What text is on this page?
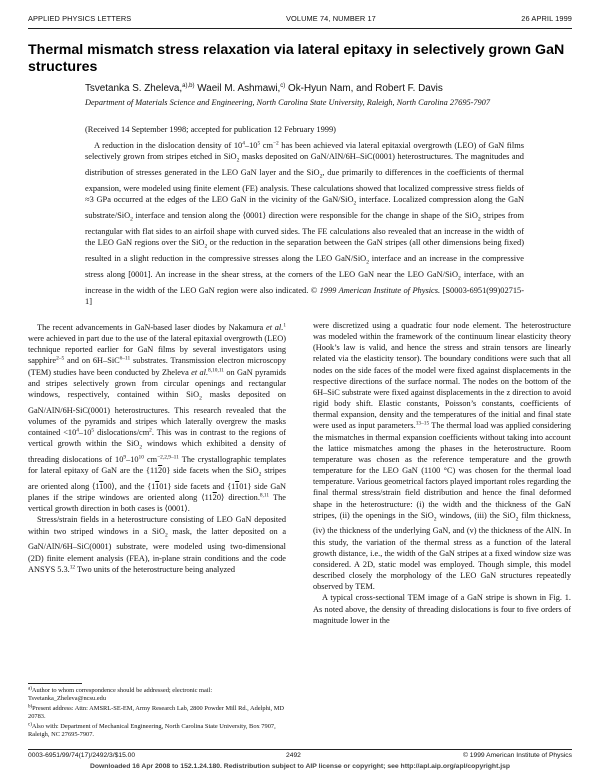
APPLIED PHYSICS LETTERS	VOLUME 74, NUMBER 17	26 APRIL 1999
Thermal mismatch stress relaxation via lateral epitaxy in selectively grown GaN structures
Tsvetanka S. Zheleva,$^{a),b)}$ Waeil M. Ashmawi,$^{c)}$ Ok-Hyun Nam, and Robert F. Davis
Department of Materials Science and Engineering, North Carolina State University, Raleigh, North Carolina 27695-7907
(Received 14 September 1998; accepted for publication 12 February 1999)
A reduction in the dislocation density of $10^4-10^5$ $cm^{-2}$ has been achieved via lateral epitaxial overgrowth (LEO) of GaN films selectively grown from stripes etched in SiO$_2$ masks deposited on GaN/AlN/6H–SiC(0001) heterostructures. The magnitudes and distribution of stresses generated in the LEO GaN layer and the SiO$_2$, due primarily to differences in the coefficients of thermal expansion, were modeled using finite element (FE) analysis. These calculations showed that localized compressive stress fields of ≈3 GPa occurred at the edges of the LEO GaN in the vicinity of the GaN/SiO$_2$ interface. Localized compression along the GaN substrate/SiO$_2$ interface and tension along the ⟨0001⟩ direction were responsible for the change in shape of the SiO$_2$ stripes from rectangular with flat sides to an airfoil shape with curved sides. The FE calculations also revealed that an increase in the width of the LEO GaN regions over the SiO$_2$ or the reduction in the separation between the GaN stripes (all other dimensions being fixed) resulted in a slight reduction in the compressive stresses along the LEO GaN/SiO$_2$ interface and an increase in the compressive stress along [0001]. An increase in the shear stress, at the corners of the LEO GaN near the LEO GaN/SiO$_2$ interface, with an increase in the width of the LEO GaN region were also indicated. © 1999 American Institute of Physics. [S0003-6951(99)02715-1]

The recent advancements in GaN-based laser diodes by Nakamura et al.$^1$ were achieved in part due to the use of the lateral epitaxial overgrowth (LEO) technique reported earlier for GaN films by several investigators using sapphire$^{2-5}$ and on 6H–SiC$^{6-11}$ substrates. Transmission electron microscopy (TEM) studies have been conducted by Zheleva et al.$^{8,10,11}$ on GaN pyramids and stripes selectively grown from circular openings and rectangular windows, respectively, contained within SiO$_2$ masks deposited on GaN/AlN/6H-SiC(0001) heterostructures. This research revealed that the volumes of the pyramids and stripes which laterally overgrew the masks contained $<10^4-10^5$ dislocations/$cm^2$. This was in contrast to the regions of vertical growth within the SiO$_2$ windows which exhibited a density of threading dislocations of $10^9-10^{10}$ $cm^{-2,2,9-11}$ The crystallographic templates for lateral epitaxy of GaN are the {1120} side facets when the SiO$_2$ stripes are oriented along ⟨1100⟩, and the {1101} side facets and {1101} side GaN planes if the stripe windows are oriented along ⟨1120⟩ direction.$^{8,11}$ The vertical growth direction in both cases is ⟨0001⟩.

Stress/strain fields in a heterostructure consisting of LEO GaN deposited within two striped windows in a SiO$_2$ mask, the latter deposited on a GaN/AlN/6H–SiC(0001) substrate, were modeled using two-dimensional (2D) finite element analysis (FEA), in-plane strain conditions and the code ANSYS 5.3.12 Two units of the heterostructure being analyzed

$^{a)}$Author to whom correspondence should be addressed; electronic mail: Tsvetanka_Zheleva@ncsu.edu

$^{b)}$Present address: Attn: AMSRL-SE-EM, Army Research Lab, 2800 Powder Mill Rd., Adelphi, MD 20783.

$^{c)}$Also with: Department of Mechanical Engineering, North Carolina State University, Box 7907, Raleigh, NC 27695-7907.

were discretized using a quadratic four node element. The heterostructure was modeled within the framework of the continuum linear elasticity theory (Hook’s law is valid, and hence the stress and strain tensors are linearly related via the elasticity tensor). The boundary conditions were such that all nodes on the side faces of the model were fixed against displacements in the respective directions of the surface normal. The nodes on the bottom of the 6H–SiC substrate were fixed against displacements in the z direction to avoid rigid body shift. Elastic constants, Poisson’s constants, coefficients of thermal expansion, density and the temperatures of the initial and final state were used as input parameters.$^{13-15}$ The thermal load was applied considering the mismatches in thermal expansion coefficients without taking into account the lattice mismatches among the phases in the heterostructure. Room temperature was chosen as the reference temperature and the growth temperature for the LEO GaN (1100 °C) was chosen for the thermal load temperature. Various geometrical factors played important roles regarding the final thermal stress/strain field distribution and hence the final deformed shape in the heterostructure: (i) the width and the thickness of the GaN stripes, (ii) the openings in the SiO$_2$ windows, (iii) the SiO$_2$ film thickness, (iv) the thickness of the underlying GaN, and (v) the thickness of the AlN. In this study, the variation of the thermal stress as a function of the lateral growth distance, i.e., the width of the GaN stripes at a fixed window size was considered. A 2D, static model was employed. Though simple, this model described closely the morphology of the LEO GaN structures repeatedly observed by TEM.

A typical cross-sectional TEM image of a GaN stripe is shown in Fig. 1. As noted above, the density of threading dislocations is four to five orders of magnitude lower in the

0003-6951/99/74(17)/2492/3/$15.00	2492	© 1999 American Institute of Physics
Downloaded 16 Apr 2008 to 152.1.24.180. Redistribution subject to AIP license or copyright; see http://apl.aip.org/apl/copyright.jsp
